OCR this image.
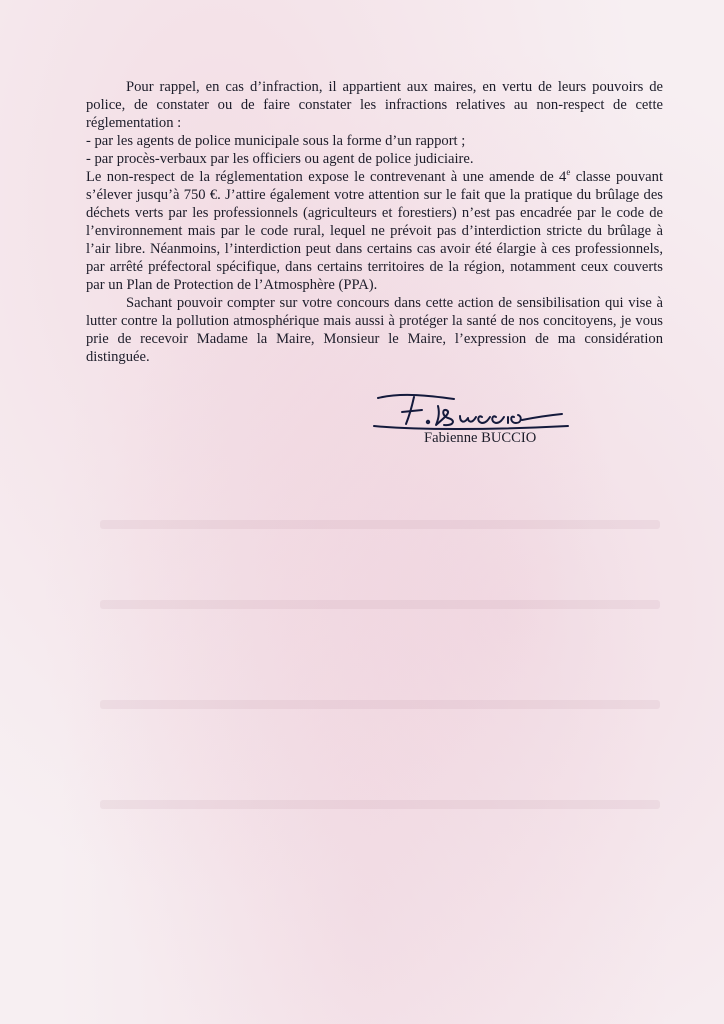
Pour rappel, en cas d’infraction, il appartient aux maires, en vertu de leurs pouvoirs de police, de constater ou de faire constater les infractions relatives au non-respect de cette réglementation :

- par les agents de police municipale sous la forme d’un rapport ;

- par procès-verbaux par les officiers ou agent de police judiciaire.

Le non-respect de la réglementation expose le contrevenant à une amende de 4e classe pouvant s’élever jusqu’à 750 €. J’attire également votre attention sur le fait que la pratique du brûlage des déchets verts par les professionnels (agriculteurs et forestiers) n’est pas encadrée par le code de l’environnement mais par le code rural, lequel ne prévoit pas d’interdiction stricte du brûlage à l’air libre. Néanmoins, l’interdiction peut dans certains cas avoir été élargie à ces professionnels, par arrêté préfectoral spécifique, dans certains territoires de la région, notamment ceux couverts par un Plan de Protection de l’Atmosphère (PPA).

Sachant pouvoir compter sur votre concours dans cette action de sensibilisation qui vise à lutter contre la pollution atmosphérique mais aussi à protéger la santé de nos concitoyens, je vous prie de recevoir Madame la Maire, Monsieur le Maire, l’expression de ma considération distinguée.

Fabienne BUCCIO
